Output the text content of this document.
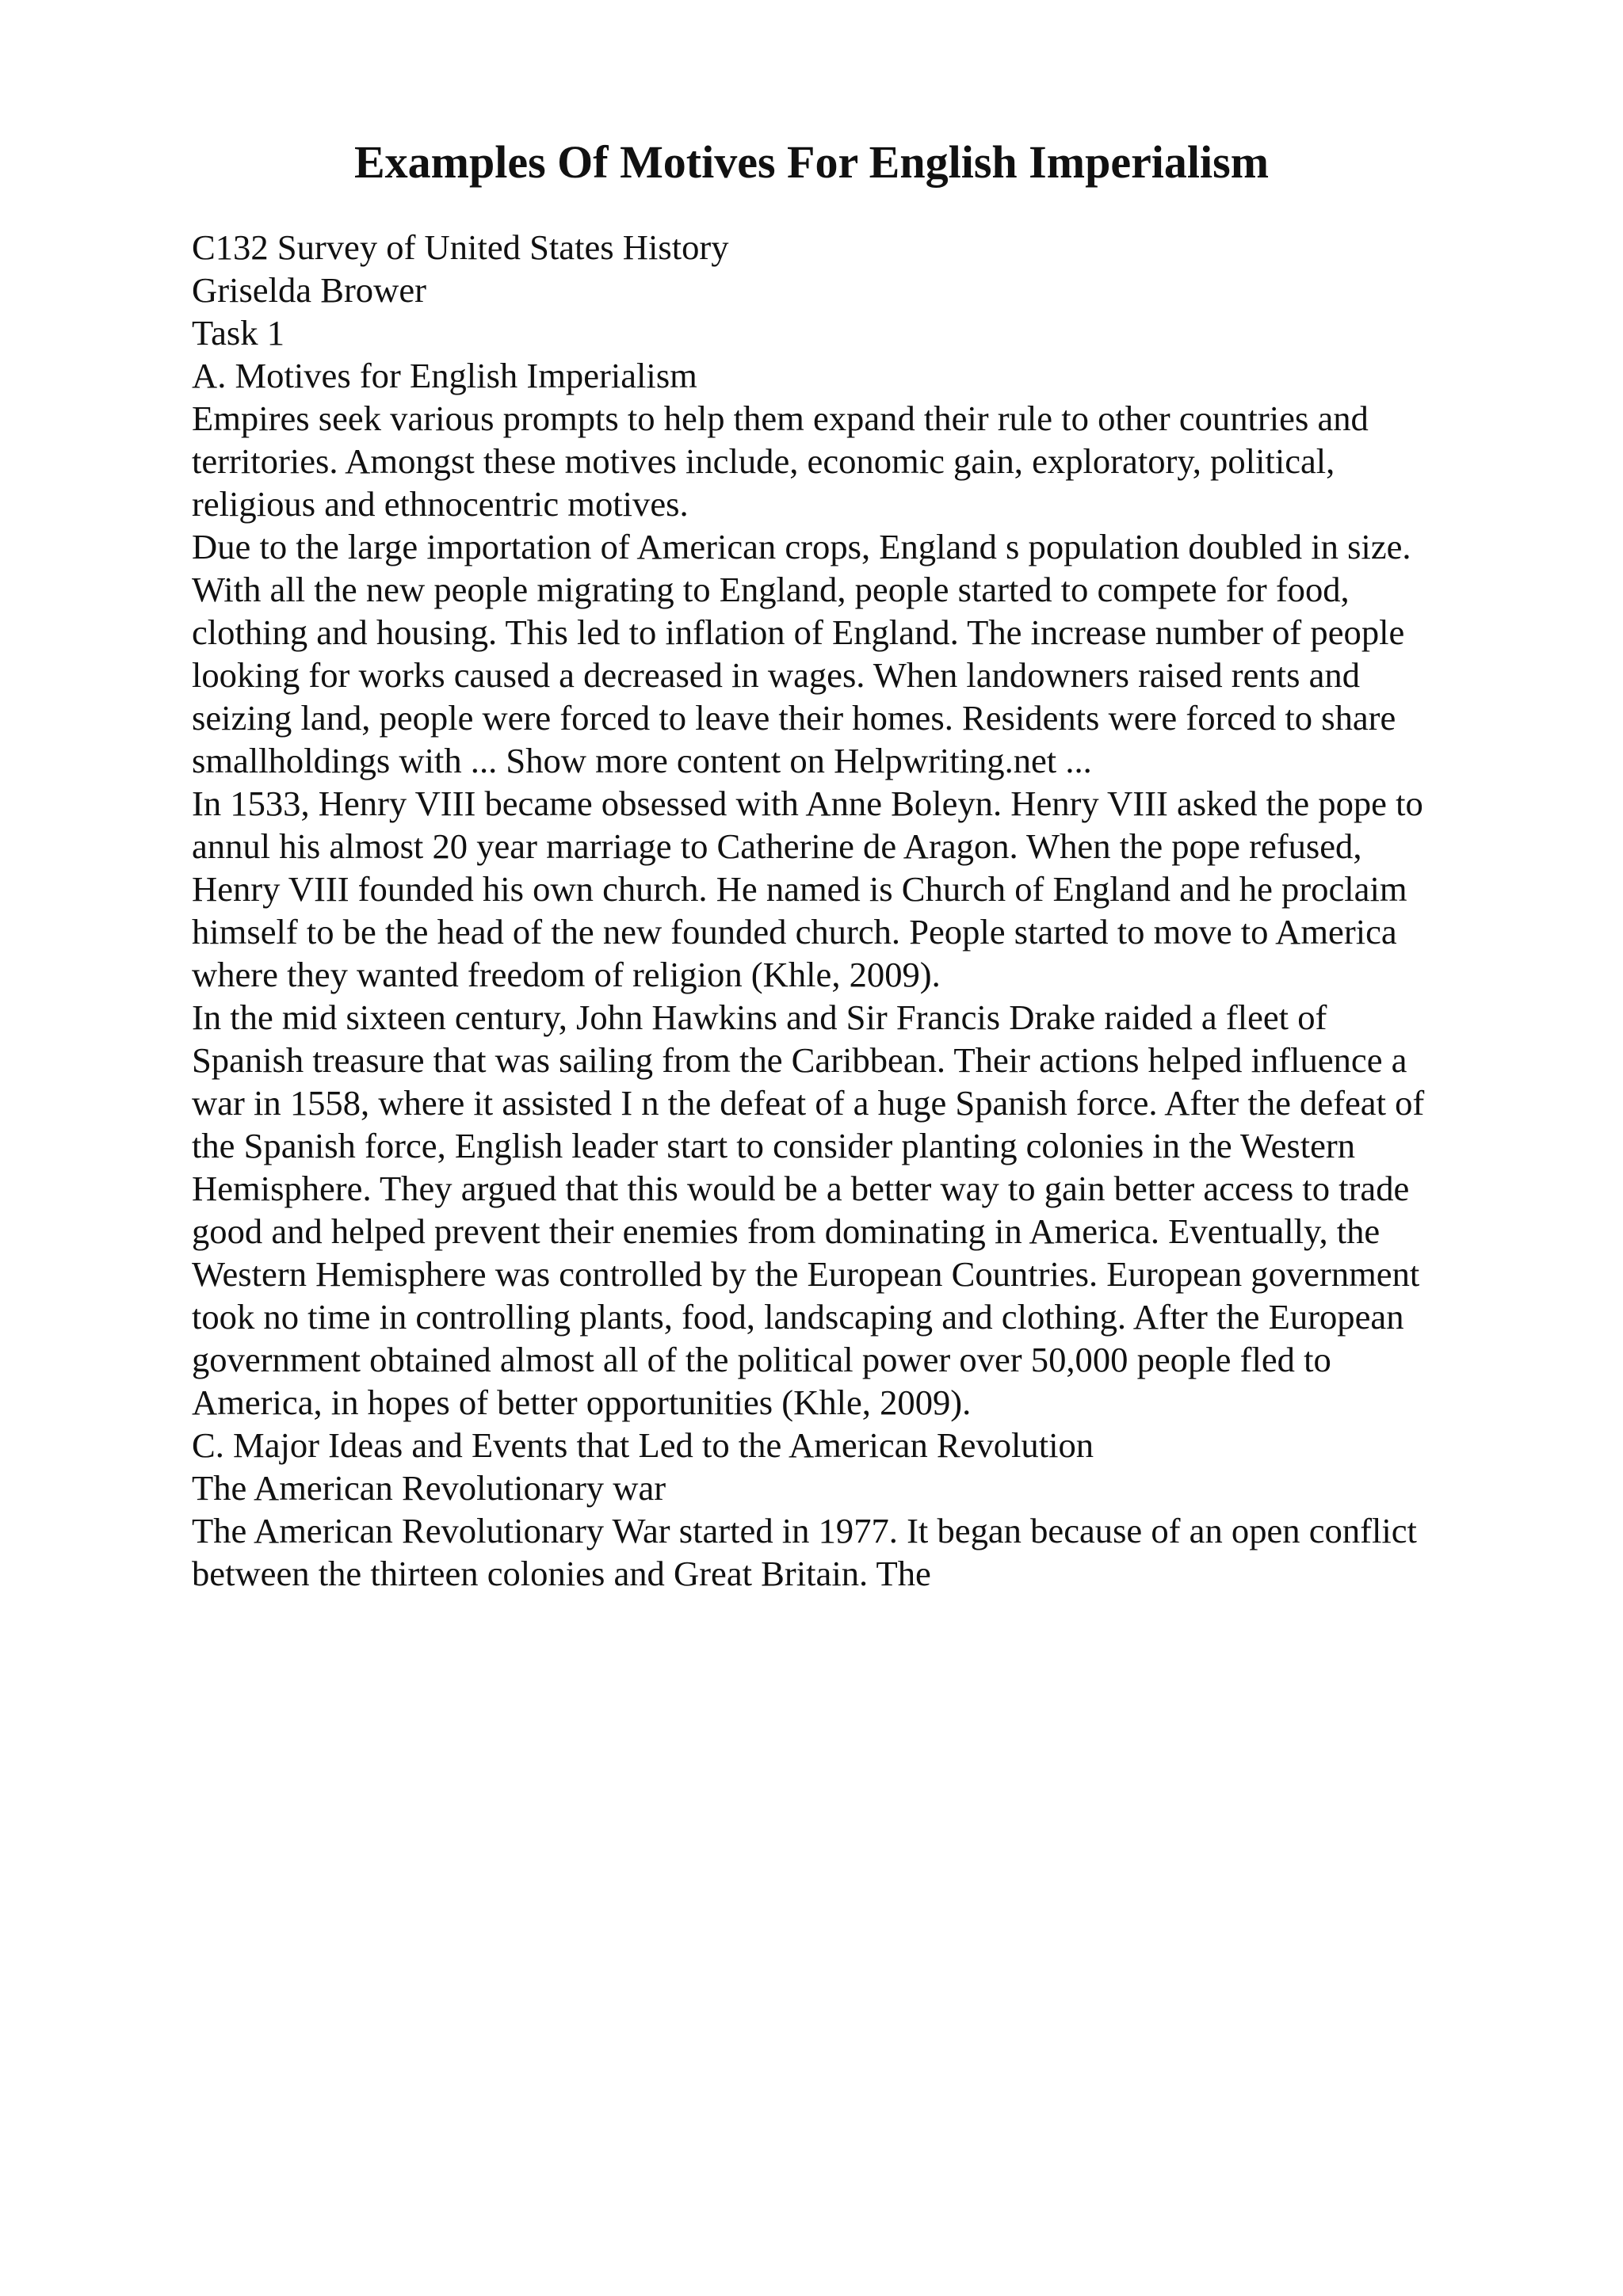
Examples Of Motives For English Imperialism
C132 Survey of United States History
Griselda Brower
Task 1
A. Motives for English Imperialism
Empires seek various prompts to help them expand their rule to other countries and
territories. Amongst these motives include, economic gain, exploratory, political,
religious and ethnocentric motives.
Due to the large importation of American crops, England s population doubled in size.
With all the new people migrating to England, people started to compete for food,
clothing and housing. This led to inflation of England. The increase number of people
looking for works caused a decreased in wages. When landowners raised rents and
seizing land, people were forced to leave their homes. Residents were forced to share
smallholdings with ... Show more content on Helpwriting.net ...
In 1533, Henry VIII became obsessed with Anne Boleyn. Henry VIII asked the pope to
annul his almost 20 year marriage to Catherine de Aragon. When the pope refused,
Henry VIII founded his own church. He named is Church of England and he proclaim
himself to be the head of the new founded church. People started to move to America
where they wanted freedom of religion (Khle, 2009).
In the mid sixteen century, John Hawkins and Sir Francis Drake raided a fleet of
Spanish treasure that was sailing from the Caribbean. Their actions helped influence a
war in 1558, where it assisted I n the defeat of a huge Spanish force. After the defeat of
the Spanish force, English leader start to consider planting colonies in the Western
Hemisphere. They argued that this would be a better way to gain better access to trade
good and helped prevent their enemies from dominating in America. Eventually, the
Western Hemisphere was controlled by the European Countries. European government
took no time in controlling plants, food, landscaping and clothing. After the European
government obtained almost all of the political power over 50,000 people fled to
America, in hopes of better opportunities (Khle, 2009).
C. Major Ideas and Events that Led to the American Revolution
The American Revolutionary war
The American Revolutionary War started in 1977. It began because of an open conflict
between the thirteen colonies and Great Britain. The
